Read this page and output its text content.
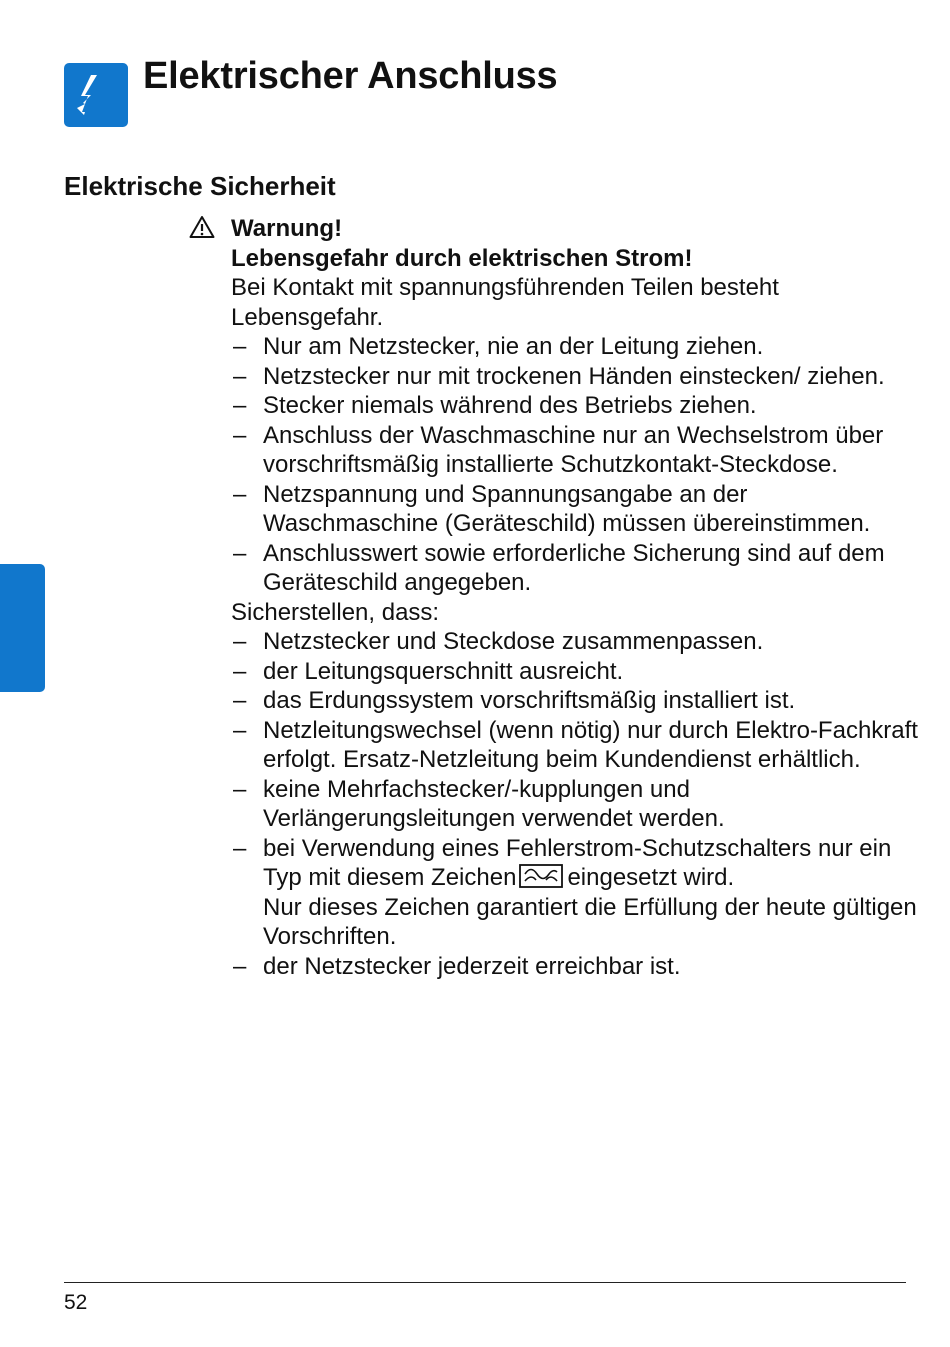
Elektrischer Anschluss
Elektrische Sicherheit

Warnung!

Lebensgefahr durch elektrischen Strom!

Bei Kontakt mit spannungsführenden Teilen besteht Lebensgefahr.

– Nur am Netzstecker, nie an der Leitung ziehen.
– Netzstecker nur mit trockenen Händen einstecken/ ziehen.
– Stecker niemals während des Betriebs ziehen.
– Anschluss der Waschmaschine nur an Wechselstrom über vorschriftsmäßig installierte Schutzkontakt-Steckdose.
– Netzspannung und Spannungsangabe an der Waschmaschine (Geräteschild) müssen übereinstimmen.
– Anschlusswert sowie erforderliche Sicherung sind auf dem Geräteschild angegeben.

Sicherstellen, dass:

– Netzstecker und Steckdose zusammenpassen.
– der Leitungsquerschnitt ausreicht.
– das Erdungssystem vorschriftsmäßig installiert ist.
– Netzleitungswechsel (wenn nötig) nur durch Elektro-Fachkraft erfolgt. Ersatz-Netzleitung beim Kundendienst erhältlich.
– keine Mehrfachstecker/-kupplungen und Verlängerungsleitungen verwendet werden.
– bei Verwendung eines Fehlerstrom-Schutzschalters nur ein Typ mit diesem Zeichen eingesetzt wird.
Nur dieses Zeichen garantiert die Erfüllung der heute gültigen Vorschriften.
– der Netzstecker jederzeit erreichbar ist.
52
